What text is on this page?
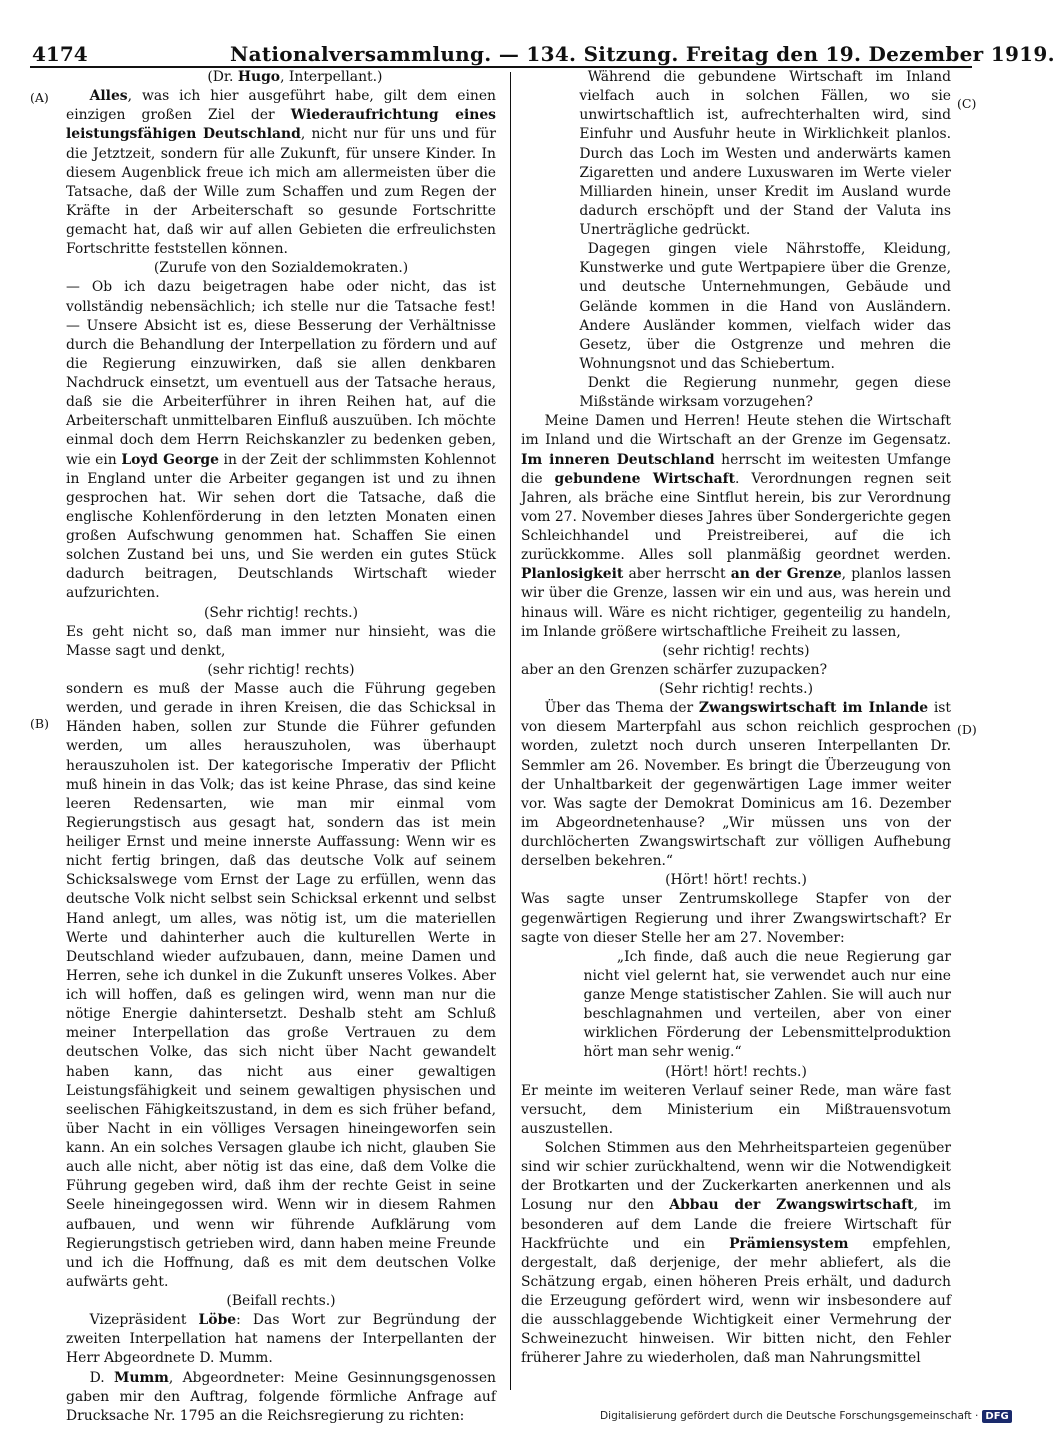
4174	Nationalversammlung. — 134. Sitzung. Freitag den 19. Dezember 1919.
(A)
(B)
(C)
(D)

(Dr. Hugo, Interpellant.)

Alles, was ich hier ausgeführt habe, gilt dem einen einzigen großen Ziel der Wiederaufrichtung eines leistungsfähigen Deutschland, nicht nur für uns und für die Jetztzeit, sondern für alle Zukunft, für unsere Kinder. In diesem Augenblick freue ich mich am allermeisten über die Tatsache, daß der Wille zum Schaffen und zum Regen der Kräfte in der Arbeiterschaft so gesunde Fortschritte gemacht hat, daß wir auf allen Gebieten die erfreulichsten Fortschritte feststellen können.

(Zurufe von den Sozialdemokraten.)

— Ob ich dazu beigetragen habe oder nicht, das ist vollständig nebensächlich; ich stelle nur die Tatsache fest! — Unsere Absicht ist es, diese Besserung der Verhältnisse durch die Behandlung der Interpellation zu fördern und auf die Regierung einzuwirken, daß sie allen denkbaren Nachdruck einsetzt, um eventuell aus der Tatsache heraus, daß sie die Arbeiterführer in ihren Reihen hat, auf die Arbeiterschaft unmittelbaren Einfluß auszuüben. Ich möchte einmal doch dem Herrn Reichskanzler zu bedenken geben, wie ein Loyd George in der Zeit der schlimmsten Kohlennot in England unter die Arbeiter gegangen ist und zu ihnen gesprochen hat. Wir sehen dort die Tatsache, daß die englische Kohlenförderung in den letzten Monaten einen großen Aufschwung genommen hat. Schaffen Sie einen solchen Zustand bei uns, und Sie werden ein gutes Stück dadurch beitragen, Deutschlands Wirtschaft wieder aufzurichten.

(Sehr richtig! rechts.)

Es geht nicht so, daß man immer nur hinsieht, was die Masse sagt und denkt,

(sehr richtig! rechts)

sondern es muß der Masse auch die Führung gegeben werden, und gerade in ihren Kreisen, die das Schicksal in Händen haben, sollen zur Stunde die Führer gefunden werden, um alles herauszuholen, was überhaupt herauszuholen ist. Der kategorische Imperativ der Pflicht muß hinein in das Volk; das ist keine Phrase, das sind keine leeren Redensarten, wie man mir einmal vom Regierungstisch aus gesagt hat, sondern das ist mein heiliger Ernst und meine innerste Auffassung: Wenn wir es nicht fertig bringen, daß das deutsche Volk auf seinem Schicksalswege vom Ernst der Lage zu erfüllen, wenn das deutsche Volk nicht selbst sein Schicksal erkennt und selbst Hand anlegt, um alles, was nötig ist, um die materiellen Werte und dahinterher auch die kulturellen Werte in Deutschland wieder aufzubauen, dann, meine Damen und Herren, sehe ich dunkel in die Zukunft unseres Volkes. Aber ich will hoffen, daß es gelingen wird, wenn man nur die nötige Energie dahintersetzt. Deshalb steht am Schluß meiner Interpellation das große Vertrauen zu dem deutschen Volke, das sich nicht über Nacht gewandelt haben kann, das nicht aus einer gewaltigen Leistungsfähigkeit und seinem gewaltigen physischen und seelischen Fähigkeitszustand, in dem es sich früher befand, über Nacht in ein völliges Versagen hineingeworfen sein kann. An ein solches Versagen glaube ich nicht, glauben Sie auch alle nicht, aber nötig ist das eine, daß dem Volke die Führung gegeben wird, daß ihm der rechte Geist in seine Seele hineingegossen wird. Wenn wir in diesem Rahmen aufbauen, und wenn wir führende Aufklärung vom Regierungstisch getrieben wird, dann haben meine Freunde und ich die Hoffnung, daß es mit dem deutschen Volke aufwärts geht.

(Beifall rechts.)

Vizepräsident Löbe: Das Wort zur Begründung der zweiten Interpellation hat namens der Interpellanten der Herr Abgeordnete D. Mumm.

D. Mumm, Abgeordneter: Meine Gesinnungsgenossen gaben mir den Auftrag, folgende förmliche Anfrage auf Drucksache Nr. 1795 an die Reichsregierung zu richten:

Während die gebundene Wirtschaft im Inland vielfach auch in solchen Fällen, wo sie unwirtschaftlich ist, aufrechterhalten wird, sind Einfuhr und Ausfuhr heute in Wirklichkeit planlos. Durch das Loch im Westen und anderwärts kamen Zigaretten und andere Luxuswaren im Werte vieler Milliarden hinein, unser Kredit im Ausland wurde dadurch erschöpft und der Stand der Valuta ins Unerträgliche gedrückt.

Dagegen gingen viele Nährstoffe, Kleidung, Kunstwerke und gute Wertpapiere über die Grenze, und deutsche Unternehmungen, Gebäude und Gelände kommen in die Hand von Ausländern. Andere Ausländer kommen, vielfach wider das Gesetz, über die Ostgrenze und mehren die Wohnungsnot und das Schiebertum.

Denkt die Regierung nunmehr, gegen diese Mißstände wirksam vorzugehen?

Meine Damen und Herren! Heute stehen die Wirtschaft im Inland und die Wirtschaft an der Grenze im Gegensatz. Im inneren Deutschland herrscht im weitesten Umfange die gebundene Wirtschaft. Verordnungen regnen seit Jahren, als bräche eine Sintflut herein, bis zur Verordnung vom 27. November dieses Jahres über Sondergerichte gegen Schleichhandel und Preistreiberei, auf die ich zurückkomme. Alles soll planmäßig geordnet werden. Planlosigkeit aber herrscht an der Grenze, planlos lassen wir über die Grenze, lassen wir ein und aus, was herein und hinaus will. Wäre es nicht richtiger, gegenteilig zu handeln, im Inlande größere wirtschaftliche Freiheit zu lassen,

(sehr richtig! rechts)

aber an den Grenzen schärfer zuzupacken?

(Sehr richtig! rechts.)

Über das Thema der Zwangswirtschaft im Inlande ist von diesem Marterpfahl aus schon reichlich gesprochen worden, zuletzt noch durch unseren Interpellanten Dr. Semmler am 26. November. Es bringt die Überzeugung von der Unhaltbarkeit der gegenwärtigen Lage immer weiter vor. Was sagte der Demokrat Dominicus am 16. Dezember im Abgeordnetenhause? „Wir müssen uns von der durchlöcherten Zwangswirtschaft zur völligen Aufhebung derselben bekehren.“

(Hört! hört! rechts.)

Was sagte unser Zentrumskollege Stapfer von der gegenwärtigen Regierung und ihrer Zwangswirtschaft? Er sagte von dieser Stelle her am 27. November:

„Ich finde, daß auch die neue Regierung gar nicht viel gelernt hat, sie verwendet auch nur eine ganze Menge statistischer Zahlen. Sie will auch nur beschlagnahmen und verteilen, aber von einer wirklichen Förderung der Lebensmittelproduktion hört man sehr wenig.“

(Hört! hört! rechts.)

Er meinte im weiteren Verlauf seiner Rede, man wäre fast versucht, dem Ministerium ein Mißtrauensvotum auszustellen.

Solchen Stimmen aus den Mehrheitsparteien gegenüber sind wir schier zurückhaltend, wenn wir die Notwendigkeit der Brotkarten und der Zuckerkarten anerkennen und als Losung nur den Abbau der Zwangswirtschaft, im besonderen auf dem Lande die freiere Wirtschaft für Hackfrüchte und ein Prämiensystem empfehlen, dergestalt, daß derjenige, der mehr abliefert, als die Schätzung ergab, einen höheren Preis erhält, und dadurch die Erzeugung gefördert wird, wenn wir insbesondere auf die ausschlaggebende Wichtigkeit einer Vermehrung der Schweinezucht hinweisen. Wir bitten nicht, den Fehler früherer Jahre zu wiederholen, daß man Nahrungsmittel

Digitalisierung gefördert durch die Deutsche Forschungsgemeinschaft · DFG
